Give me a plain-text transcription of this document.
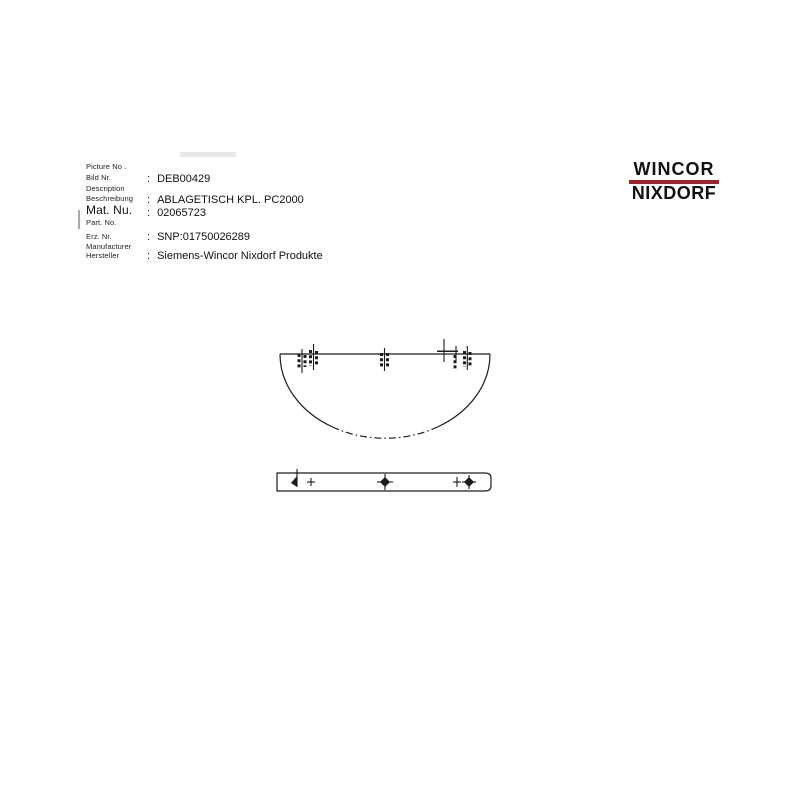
Picture No .
Bild Nr.
Description
Beschreibung
Mat. Nu.
Part. No.
Erz. Nr.
Manufacturer
Hersteller
: DEB00429
: ABLAGETISCH KPL. PC2000
: 02065723
: SNP:01750026289
: Siemens-Wincor Nixdorf Produkte
WINCOR
NIXDORF
